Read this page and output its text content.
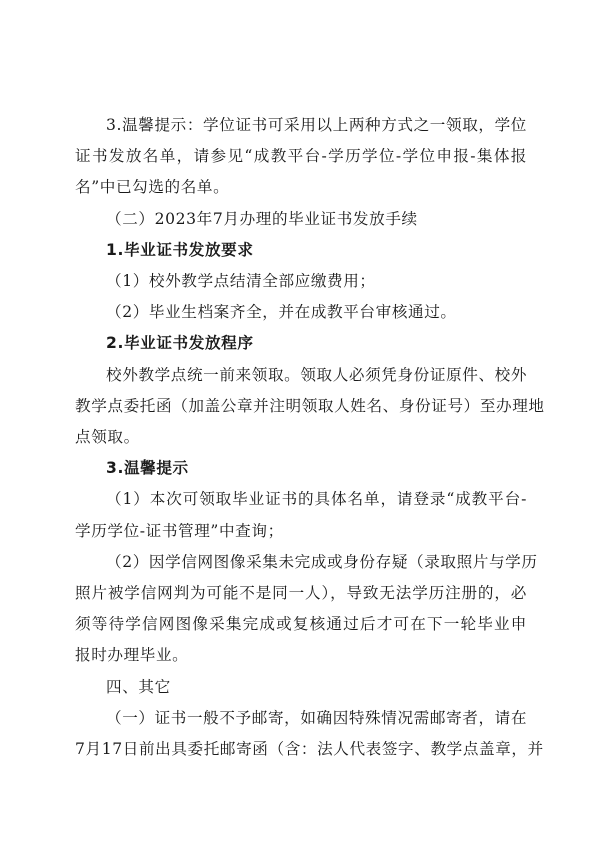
3.温馨提示：学位证书可采用以上两种方式之一领取，学位
证书发放名单，请参见“成教平台-学历学位-学位申报-集体报
名”中已勾选的名单。
（二）2023年7月办理的毕业证书发放手续
1.毕业证书发放要求
（1）校外教学点结清全部应缴费用；
（2）毕业生档案齐全，并在成教平台审核通过。
2.毕业证书发放程序
校外教学点统一前来领取。领取人必须凭身份证原件、校外
教学点委托函（加盖公章并注明领取人姓名、身份证号）至办理地
点领取。
3.温馨提示
（1）本次可领取毕业证书的具体名单，请登录“成教平台-
学历学位-证书管理”中查询；
（2）因学信网图像采集未完成或身份存疑（录取照片与学历
照片被学信网判为可能不是同一人），导致无法学历注册的，必
须等待学信网图像采集完成或复核通过后才可在下一轮毕业申
报时办理毕业。
四、其它
（一）证书一般不予邮寄，如确因特殊情况需邮寄者，请在
7月17日前出具委托邮寄函（含：法人代表签字、教学点盖章，并
